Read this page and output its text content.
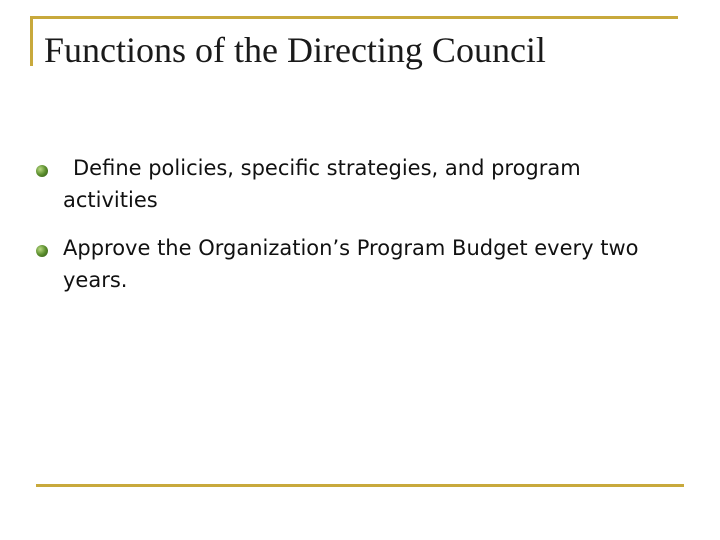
Functions of the Directing Council
Define policies, specific strategies, and program activities
Approve the Organization’s Program Budget every two years.
